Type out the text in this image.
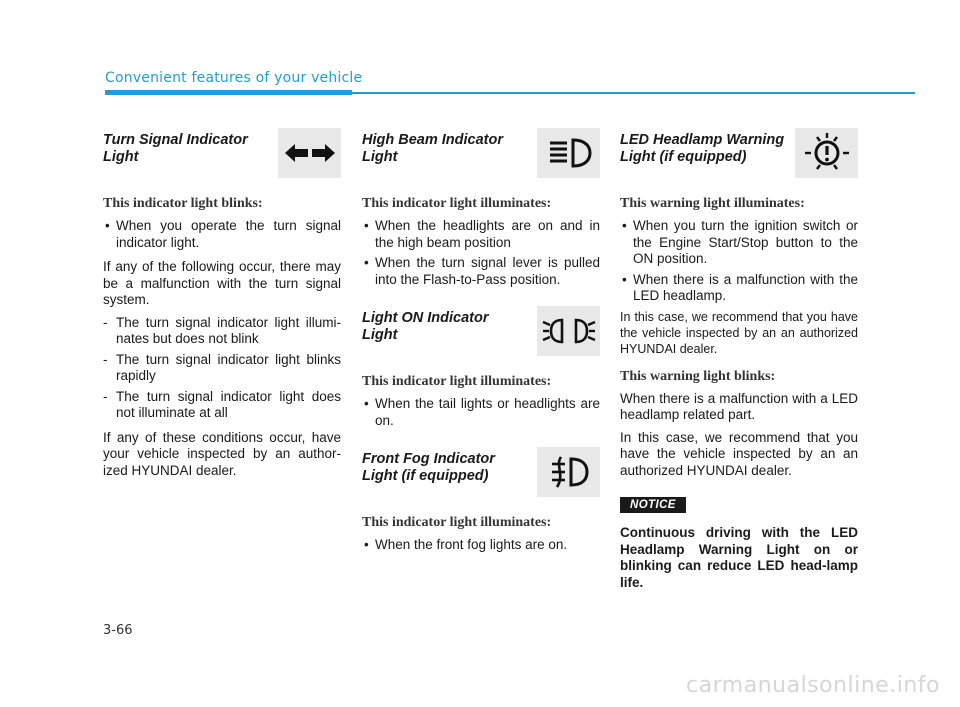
Convenient features of your vehicle
Turn Signal Indicator
Light
This indicator light blinks:
• When you operate the turn signal indicator light.
If any of the following occur, there may be a malfunction with the turn signal system.
- The turn signal indicator light illumi-nates but does not blink
- The turn signal indicator light blinks rapidly
- The turn signal indicator light does not illuminate at all
If any of these conditions occur, have your vehicle inspected by an author-ized HYUNDAI dealer.
High Beam Indicator
Light
This indicator light illuminates:
• When the headlights are on and in the high beam position
• When the turn signal lever is pulled into the Flash-to-Pass position.
Light ON Indicator
Light
This indicator light illuminates:
• When the tail lights or headlights are on.
Front Fog Indicator
Light (if equipped)
This indicator light illuminates:
• When the front fog lights are on.
LED Headlamp Warning
Light (if equipped)
This warning light illuminates:
• When you turn the ignition switch or the Engine Start/Stop button to the ON position.
• When there is a malfunction with the LED headlamp.
In this case, we recommend that you have the vehicle inspected by an an authorized HYUNDAI dealer.
This warning light blinks:
When there is a malfunction with a LED headlamp related part.
In this case, we recommend that you have the vehicle inspected by an an authorized HYUNDAI dealer.
NOTICE
Continuous driving with the LED Headlamp Warning Light on or blinking can reduce LED head-lamp life.
3-66
carmanualsonline.info
